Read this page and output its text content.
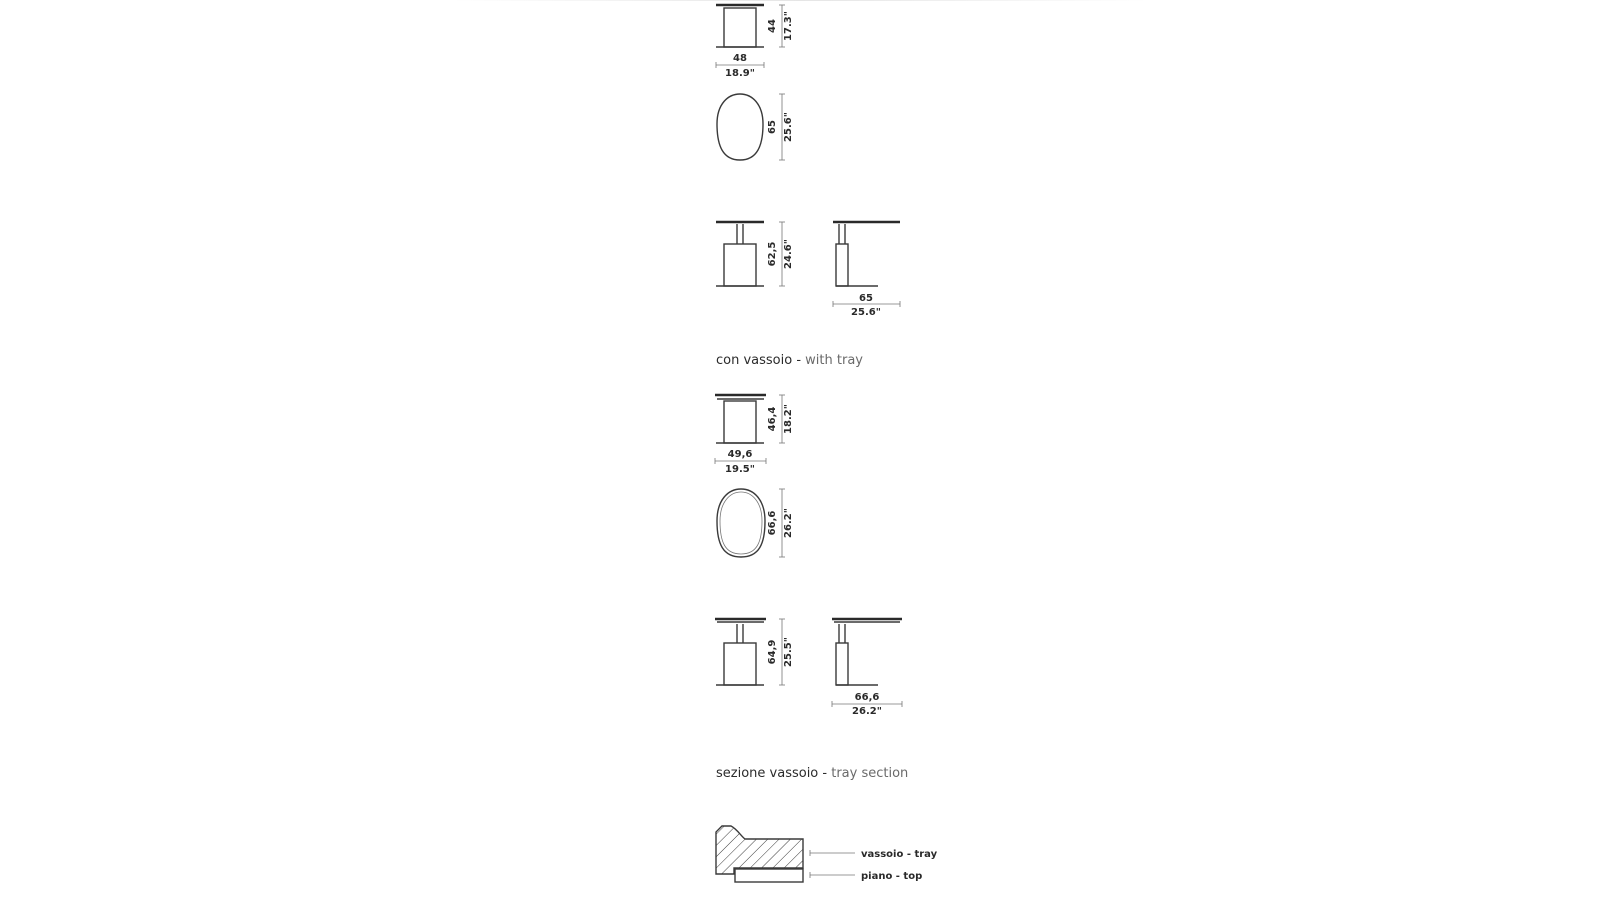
44 17.3"
48
18.9"
65 25.6"
62,5 24.6"
65
25.6"
con vassoio - with tray
46,4 18.2"
49,6
19.5"
66,6 26.2"
64,9 25.5"
66,6
26.2"
sezione vassoio - tray section
vassoio - tray
piano - top
